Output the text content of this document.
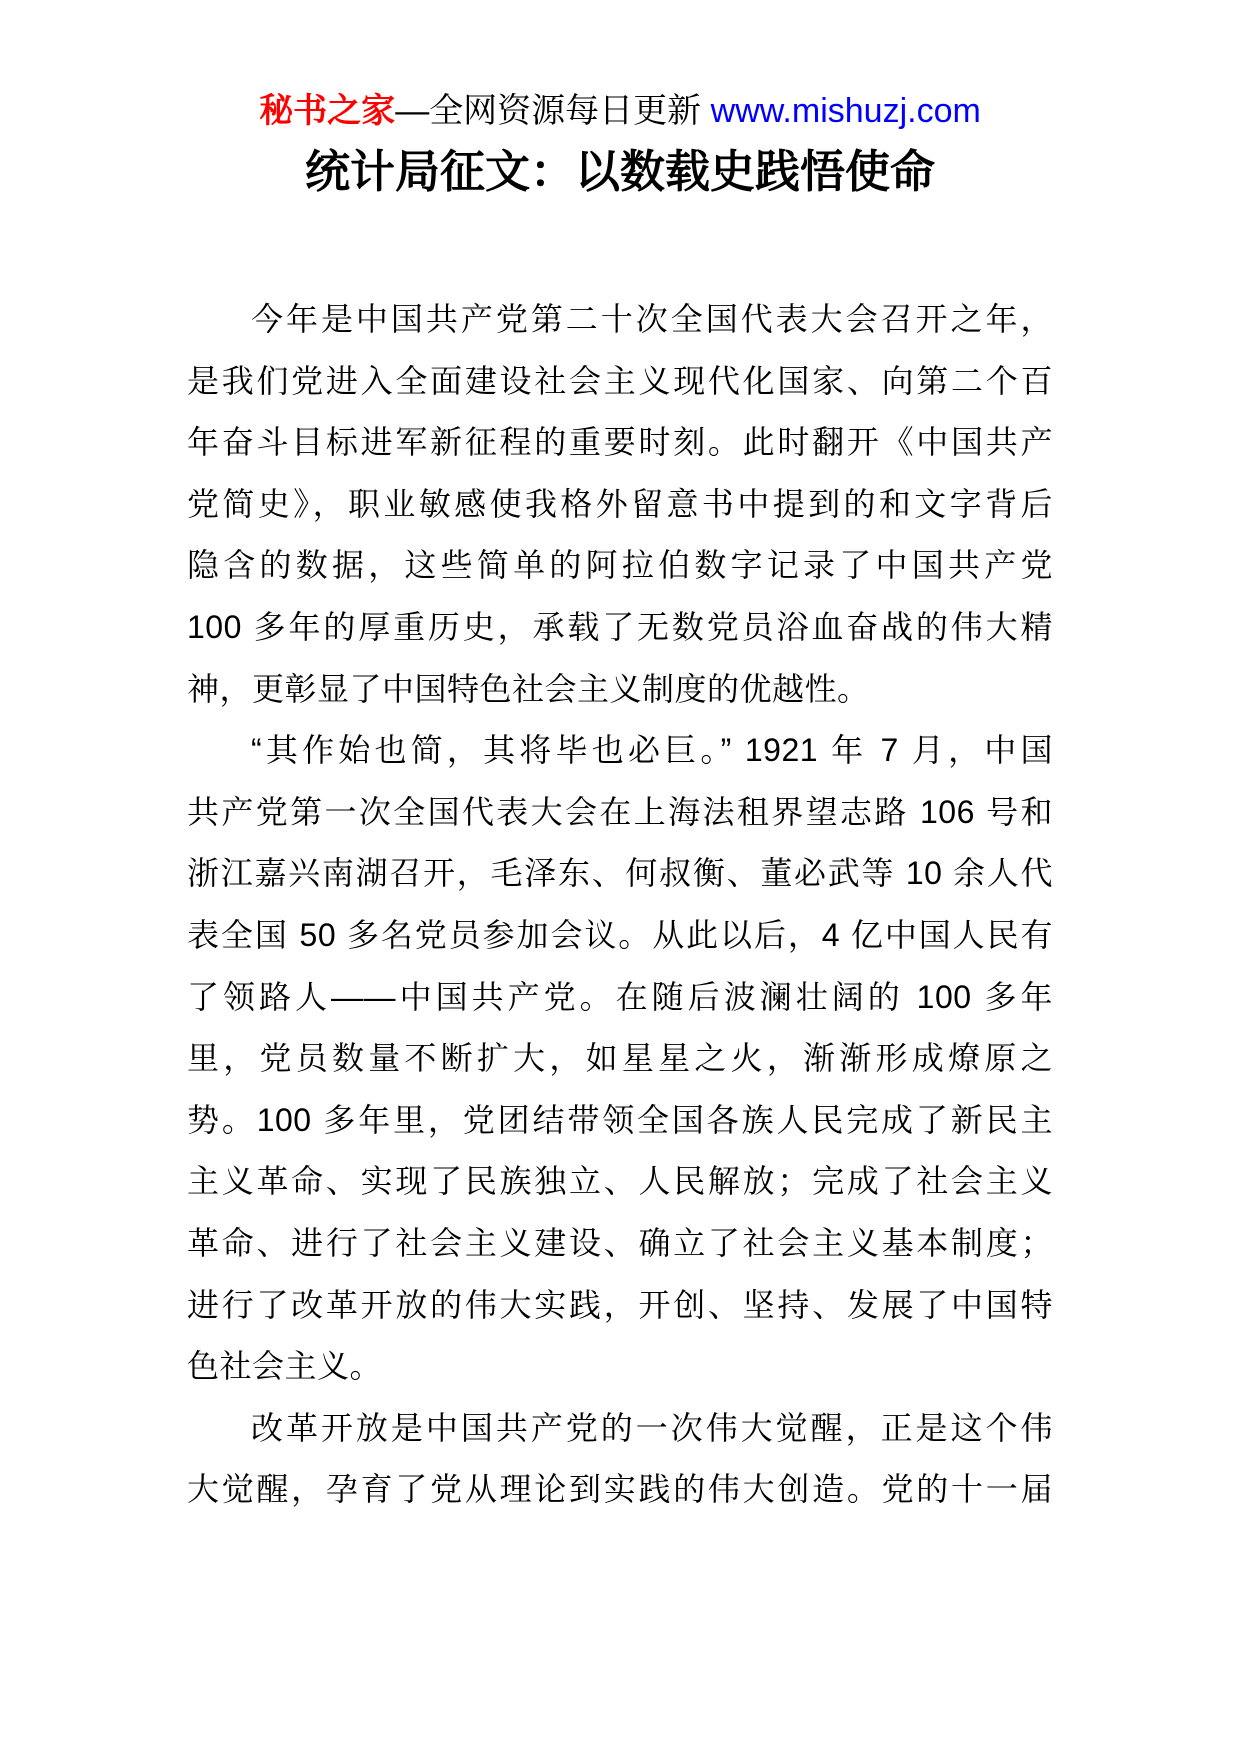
秘书之家—全网资源每日更新 www.mishuzj.com
统计局征文：以数载史践悟使命
今年是中国共产党第二十次全国代表大会召开之年，
是我们党进入全面建设社会主义现代化国家、向第二个百
年奋斗目标进军新征程的重要时刻。此时翻开《中国共产
党简史》，职业敏感使我格外留意书中提到的和文字背后
隐含的数据，这些简单的阿拉伯数字记录了中国共产党
100 多年的厚重历史，承载了无数党员浴血奋战的伟大精
神，更彰显了中国特色社会主义制度的优越性。
“其作始也简，其将毕也必巨。” 1921 年 7 月，中国
共产党第一次全国代表大会在上海法租界望志路 106 号和
浙江嘉兴南湖召开，毛泽东、何叔衡、董必武等 10 余人代
表全国 50 多名党员参加会议。从此以后，4 亿中国人民有
了领路人——中国共产党。在随后波澜壮阔的 100 多年
里，党员数量不断扩大，如星星之火，渐渐形成燎原之
势。100 多年里，党团结带领全国各族人民完成了新民主
主义革命、实现了民族独立、人民解放；完成了社会主义
革命、进行了社会主义建设、确立了社会主义基本制度；
进行了改革开放的伟大实践，开创、坚持、发展了中国特
色社会主义。
改革开放是中国共产党的一次伟大觉醒，正是这个伟
大觉醒，孕育了党从理论到实践的伟大创造。党的十一届
